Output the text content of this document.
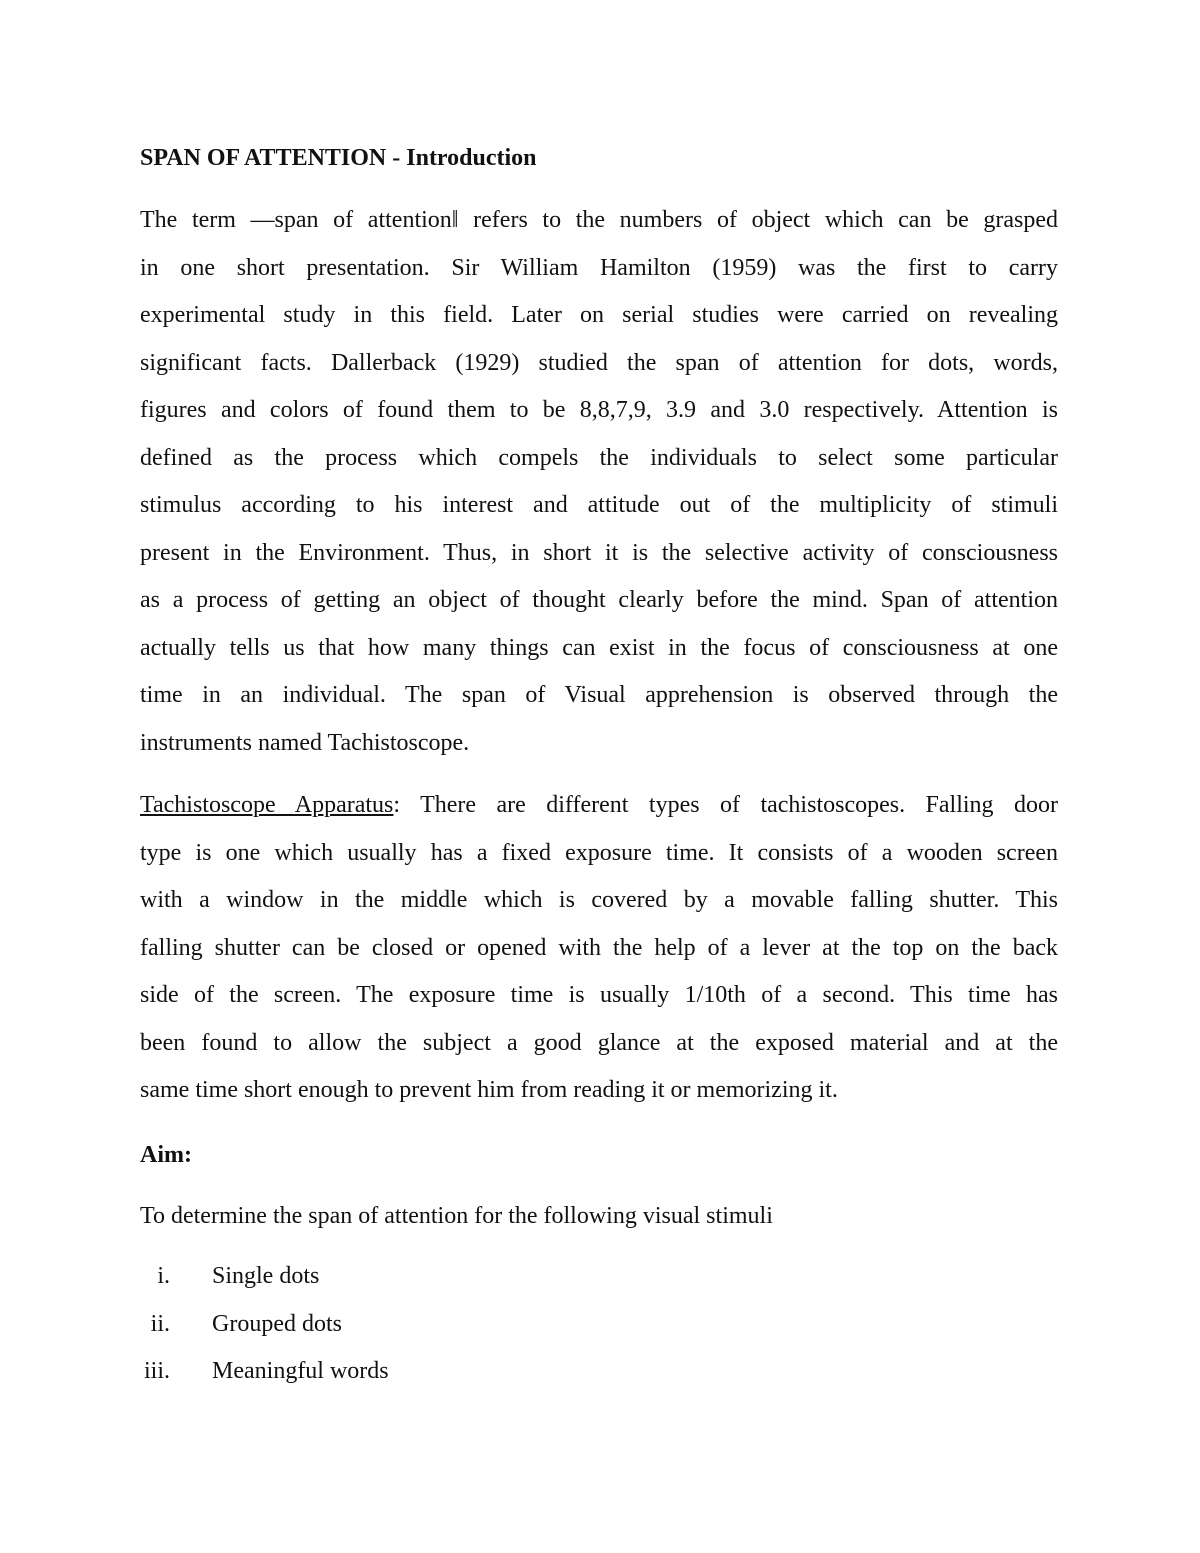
SPAN OF ATTENTION - Introduction
The term —span of attention‖ refers to the numbers of object which can be grasped
in one short presentation. Sir William Hamilton (1959) was the first to carry
experimental study in this field. Later on serial studies were carried on revealing
significant facts. Dallerback (1929) studied the span of attention for dots, words,
figures and colors of found them to be 8,8,7,9, 3.9 and 3.0 respectively. Attention is
defined as the process which compels the individuals to select some particular
stimulus according to his interest and attitude out of the multiplicity of stimuli
present in the Environment. Thus, in short it is the selective activity of consciousness
as a process of getting an object of thought clearly before the mind. Span of attention
actually tells us that how many things can exist in the focus of consciousness at one
time in an individual. The span of Visual apprehension is observed through the
instruments named Tachistoscope.
Tachistoscope Apparatus: There are different types of tachistoscopes. Falling door
type is one which usually has a fixed exposure time. It consists of a wooden screen
with a window in the middle which is covered by a movable falling shutter. This
falling shutter can be closed or opened with the help of a lever at the top on the back
side of the screen. The exposure time is usually 1/10th of a second. This time has
been found to allow the subject a good glance at the exposed material and at the
same time short enough to prevent him from reading it or memorizing it.
Aim:
To determine the span of attention for the following visual stimuli
i. Single dots
ii. Grouped dots
iii. Meaningful words
